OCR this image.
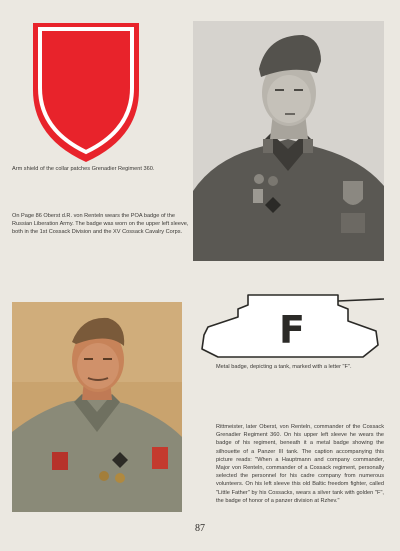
Arm shield of the collar patches Grenadier Regiment 360.
On Page 86 Oberst d.R. von Renteln wears the POA badge of the Russian Liberation Army. The badge was worn on the upper left sleeve, both in the 1st Cossack Division and the XV Cossack Cavalry Corps.
F
Metal badge, depicting a tank, marked with a letter "F".
Rittmeister, later Oberst, von Renteln, commander of the Cossack Grenadier Regiment 360. On his upper left sleeve he wears the badge of his regiment, beneath it a metal badge showing the silhouette of a Panzer III tank. The caption accompanying this picture reads: "When a Hauptmann and company commander, Major von Renteln, commander of a Cossack regiment, personally selected the personnel for his cadre company from numerous volunteers. On his left sleeve this old Baltic freedom fighter, called "Little Father" by his Cossacks, wears a silver tank with golden "F", the badge of honor of a panzer division at Rzhev."
87
